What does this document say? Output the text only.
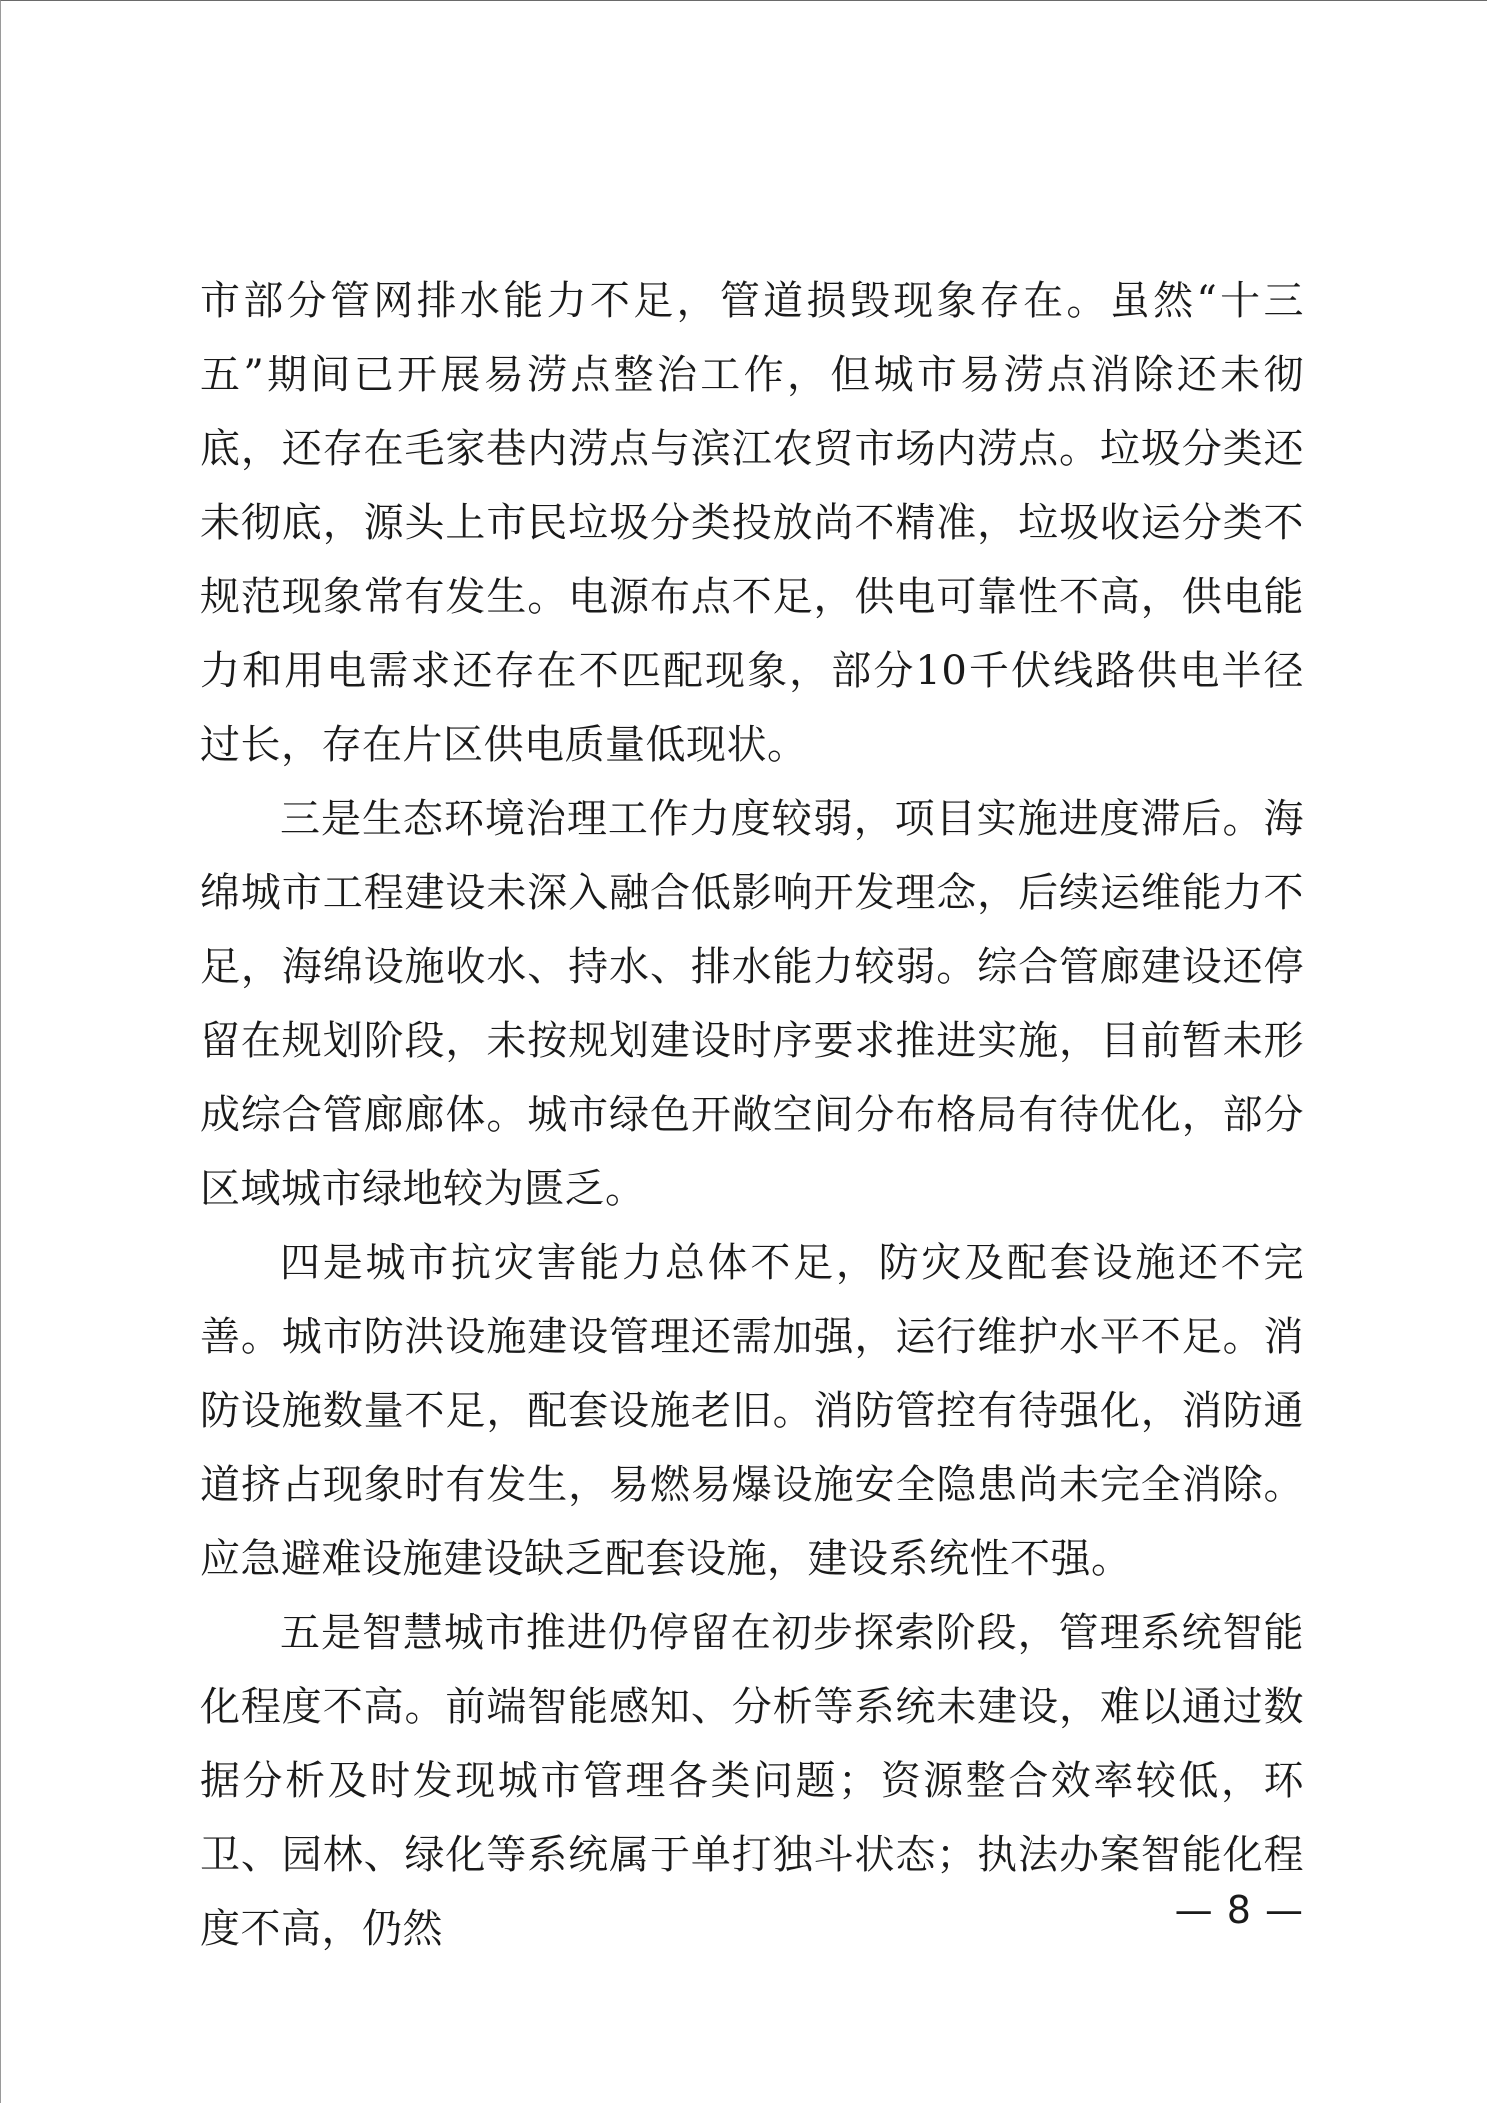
市部分管网排水能力不足，管道损毁现象存在。虽然“十三五”期间已开展易涝点整治工作，但城市易涝点消除还未彻底，还存在毛家巷内涝点与滨江农贸市场内涝点。垃圾分类还未彻底，源头上市民垃圾分类投放尚不精准，垃圾收运分类不规范现象常有发生。电源布点不足，供电可靠性不高，供电能力和用电需求还存在不匹配现象，部分10千伏线路供电半径过长，存在片区供电质量低现状。

三是生态环境治理工作力度较弱，项目实施进度滞后。海绵城市工程建设未深入融合低影响开发理念，后续运维能力不足，海绵设施收水、持水、排水能力较弱。综合管廊建设还停留在规划阶段，未按规划建设时序要求推进实施，目前暂未形成综合管廊廊体。城市绿色开敞空间分布格局有待优化，部分区域城市绿地较为匮乏。

四是城市抗灾害能力总体不足，防灾及配套设施还不完善。城市防洪设施建设管理还需加强，运行维护水平不足。消防设施数量不足，配套设施老旧。消防管控有待强化，消防通道挤占现象时有发生，易燃易爆设施安全隐患尚未完全消除。应急避难设施建设缺乏配套设施，建设系统性不强。

五是智慧城市推进仍停留在初步探索阶段，管理系统智能化程度不高。前端智能感知、分析等系统未建设，难以通过数据分析及时发现城市管理各类问题；资源整合效率较低，环卫、园林、绿化等系统属于单打独斗状态；执法办案智能化程度不高，仍然	— 8 —
